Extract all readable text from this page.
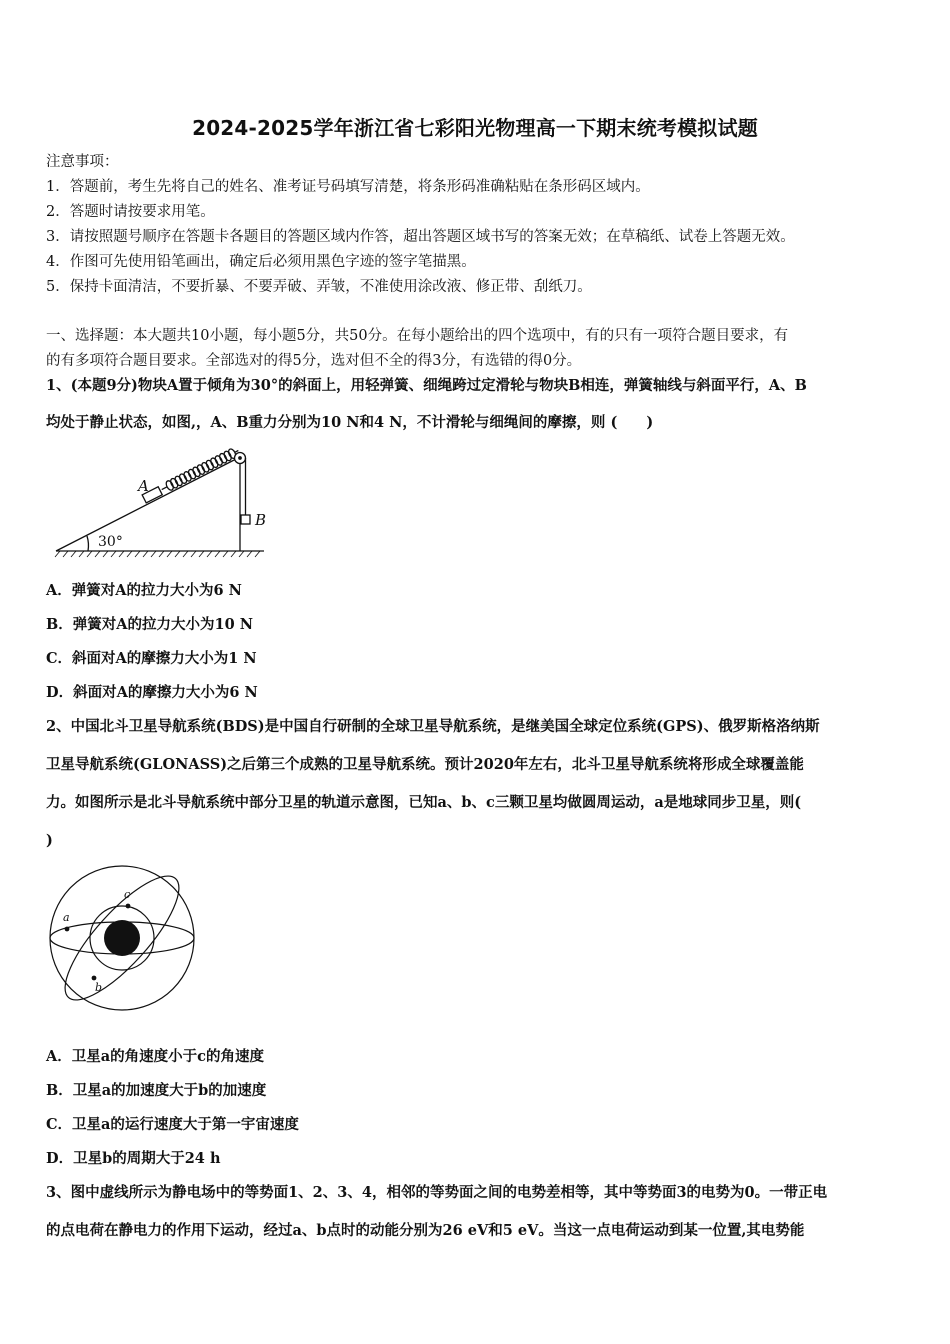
2024-2025学年浙江省七彩阳光物理高一下期末统考模拟试题
注意事项：
1．答题前，考生先将自己的姓名、准考证号码填写清楚，将条形码准确粘贴在条形码区域内。
2．答题时请按要求用笔。
3．请按照题号顺序在答题卡各题目的答题区域内作答，超出答题区域书写的答案无效；在草稿纸、试卷上答题无效。
4．作图可先使用铅笔画出，确定后必须用黑色字迹的签字笔描黑。
5．保持卡面清洁，不要折暴、不要弄破、弄皱，不准使用涂改液、修正带、刮纸刀。
一、选择题：本大题共10小题，每小题5分，共50分。在每小题给出的四个选项中，有的只有一项符合题目要求，有
的有多项符合题目要求。全部选对的得5分，选对但不全的得3分，有选错的得0分。
1、(本题9分)物块A置于倾角为30°的斜面上，用轻弹簧、细绳跨过定滑轮与物块B相连，弹簧轴线与斜面平行，A、B
均处于静止状态，如图,，A、B重力分别为10 N和4 N，不计滑轮与细绳间的摩擦，则 (　　)
A
B
30°
A．弹簧对A的拉力大小为6 N
B．弹簧对A的拉力大小为10 N
C．斜面对A的摩擦力大小为1 N
D．斜面对A的摩擦力大小为6 N
2、中国北斗卫星导航系统(BDS)是中国自行研制的全球卫星导航系统，是继美国全球定位系统(GPS)、俄罗斯格洛纳斯
卫星导航系统(GLONASS)之后第三个成熟的卫星导航系统。预计2020年左右，北斗卫星导航系统将形成全球覆盖能
力。如图所示是北斗导航系统中部分卫星的轨道示意图，已知a、b、c三颗卫星均做圆周运动，a是地球同步卫星，则(
)
a
b
c
A．卫星a的角速度小于c的角速度
B．卫星a的加速度大于b的加速度
C．卫星a的运行速度大于第一宇宙速度
D．卫星b的周期大于24 h
3、图中虚线所示为静电场中的等势面1、2、3、4，相邻的等势面之间的电势差相等，其中等势面3的电势为0。一带正电
的点电荷在静电力的作用下运动，经过a、b点时的动能分别为26 eV和5 eV。当这一点电荷运动到某一位置,其电势能
